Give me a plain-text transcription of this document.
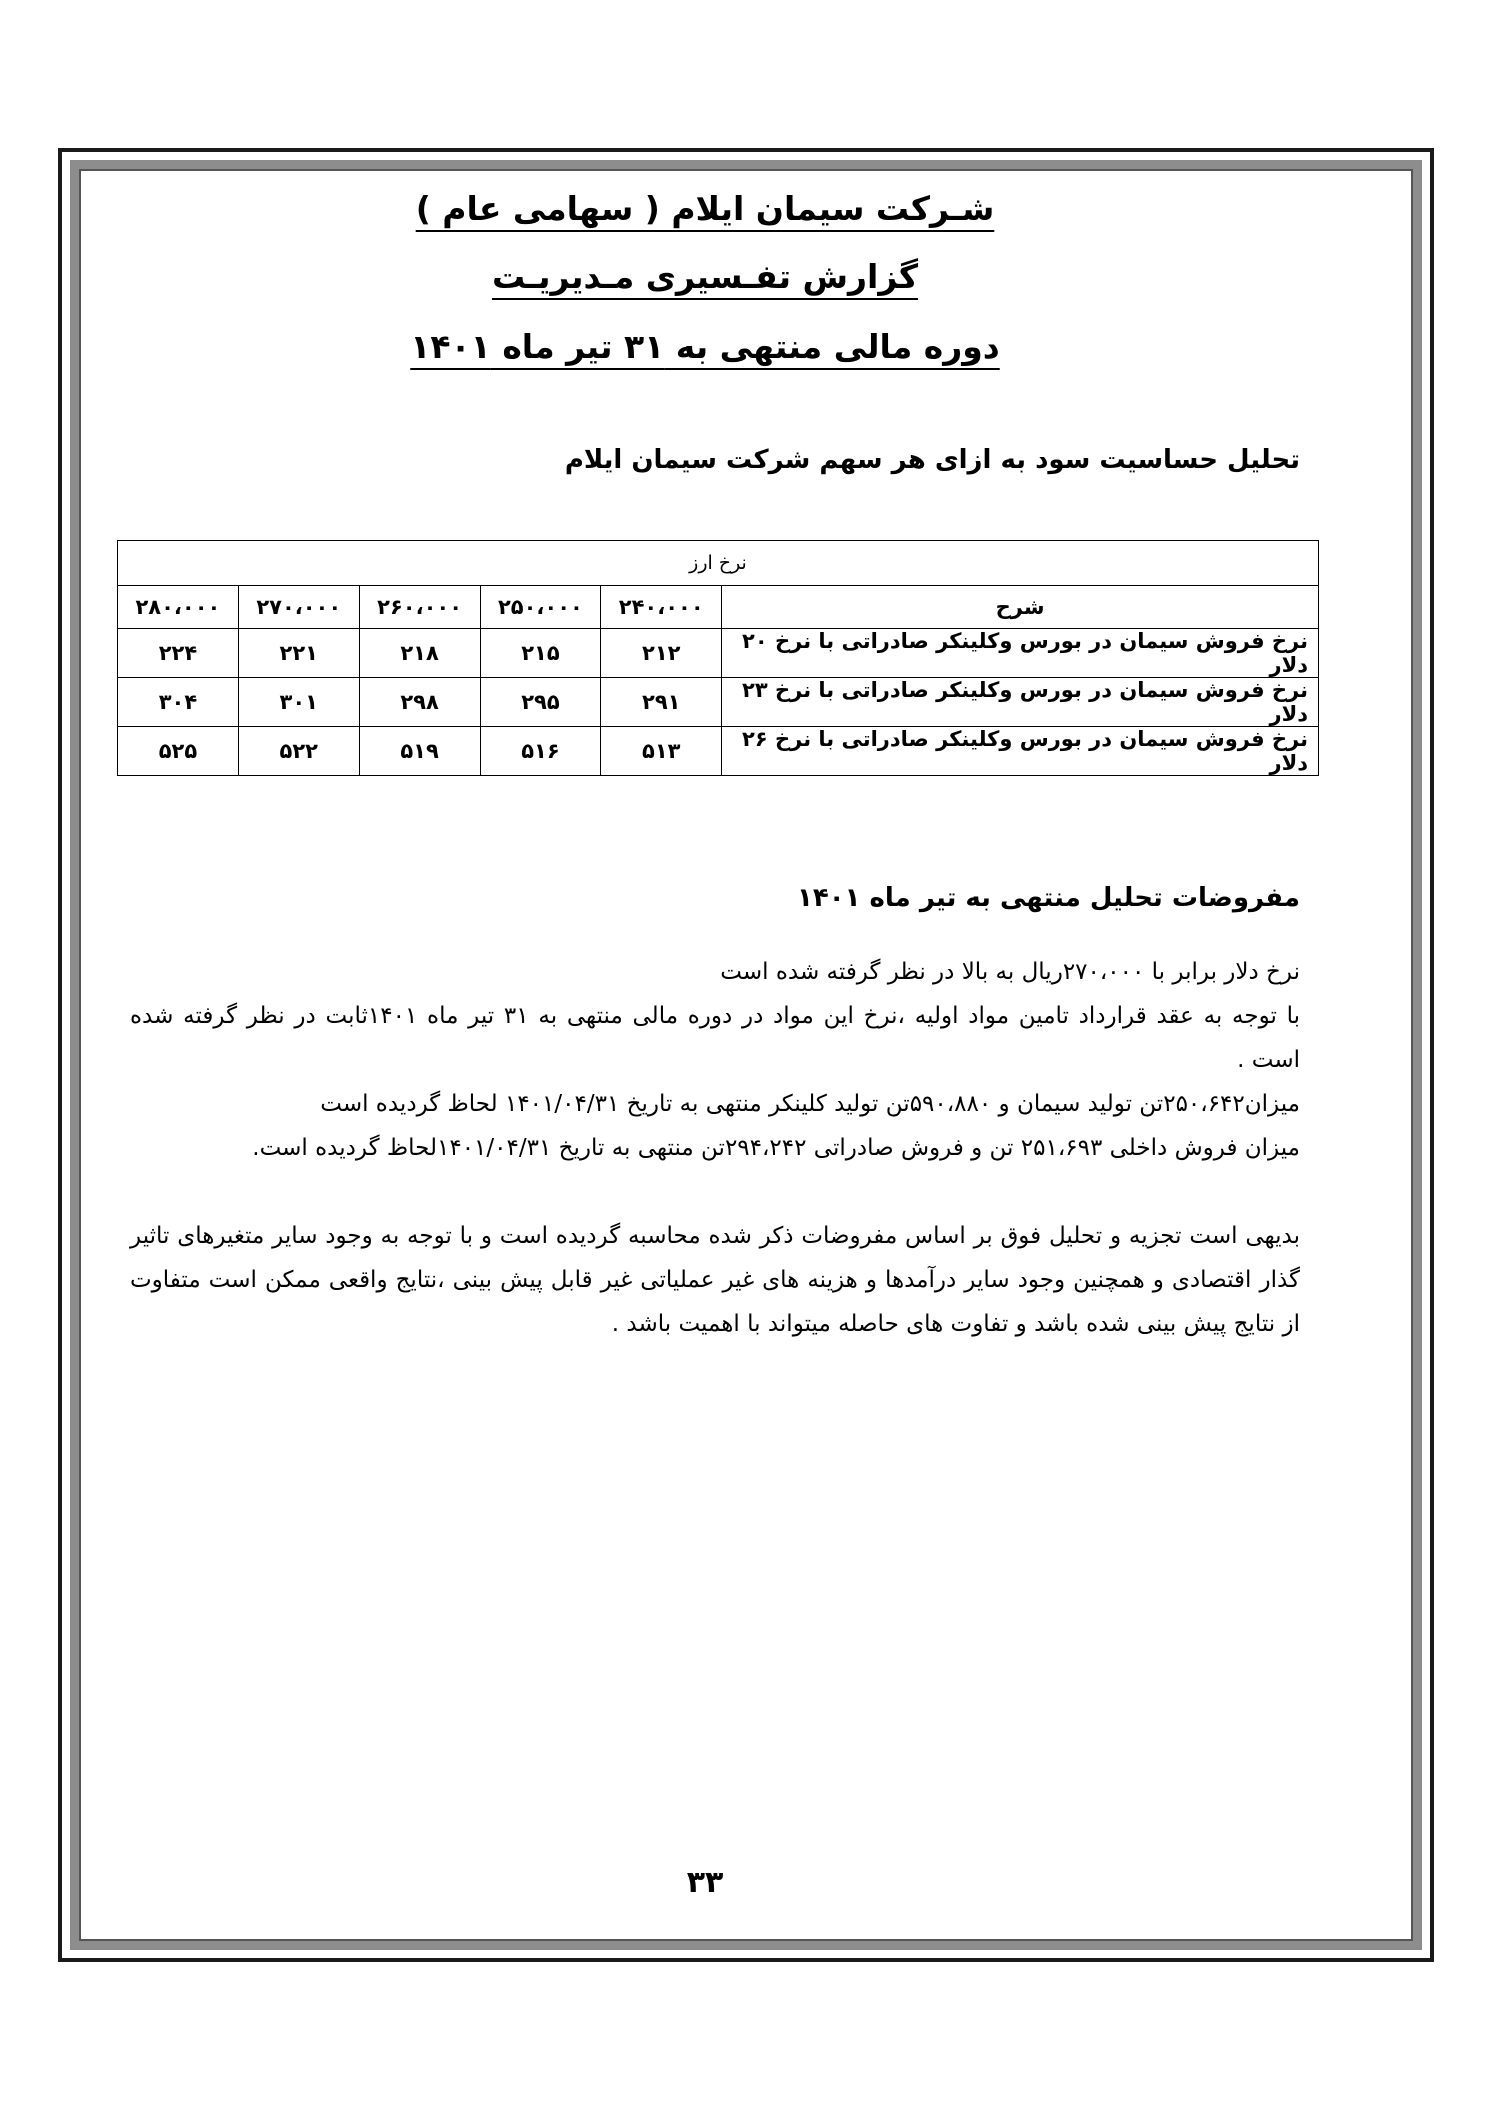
شـرکت سیمان ایلام ( سهامی عام )
گزارش تفـسیری مـدیریـت
دوره مالی منتهی به ۳۱ تیر ماه ۱۴۰۱
تحلیل حساسیت سود به ازای هر سهم شرکت سیمان ایلام
نرخ ارز					
شرح	۲۴۰،۰۰۰	۲۵۰،۰۰۰	۲۶۰،۰۰۰	۲۷۰،۰۰۰	۲۸۰،۰۰۰
نرخ فروش سیمان در بورس وکلینکر صادراتی با نرخ ۲۰ دلار	۲۱۲	۲۱۵	۲۱۸	۲۲۱	۲۲۴
نرخ فروش سیمان در بورس وکلینکر صادراتی با نرخ ۲۳ دلار	۲۹۱	۲۹۵	۲۹۸	۳۰۱	۳۰۴
نرخ فروش سیمان در بورس وکلینکر صادراتی با نرخ ۲۶ دلار	۵۱۳	۵۱۶	۵۱۹	۵۲۲	۵۲۵
مفروضات تحلیل منتهی به تیر ماه ۱۴۰۱
نرخ دلار برابر با ۲۷۰،۰۰۰ریال به بالا در نظر گرفته شده است
با توجه به عقد قرارداد تامین مواد اولیه ،نرخ این مواد در دوره مالی منتهی به ۳۱ تیر ماه ۱۴۰۱ثابت در نظر گرفته شده است .
میزان۲۵۰،۶۴۲تن تولید سیمان و ۵۹۰،۸۸۰تن تولید کلینکر منتهی به تاریخ ۱۴۰۱/۰۴/۳۱ لحاظ گردیده است
میزان فروش داخلی ۲۵۱،۶۹۳ تن و فروش صادراتی ۲۹۴،۲۴۲تن منتهی به تاریخ ۱۴۰۱/۰۴/۳۱لحاظ گردیده است.
بدیهی است تجزیه و تحلیل فوق بر اساس مفروضات ذکر شده محاسبه گردیده است و با توجه به وجود سایر متغیرهای تاثیر گذار اقتصادی و همچنین وجود سایر درآمدها و هزینه های غیر عملیاتی غیر قابل پیش بینی ،نتایج واقعی ممکن است متفاوت از نتایج پیش بینی شده باشد و تفاوت های حاصله میتواند با اهمیت باشد .
۳۳
